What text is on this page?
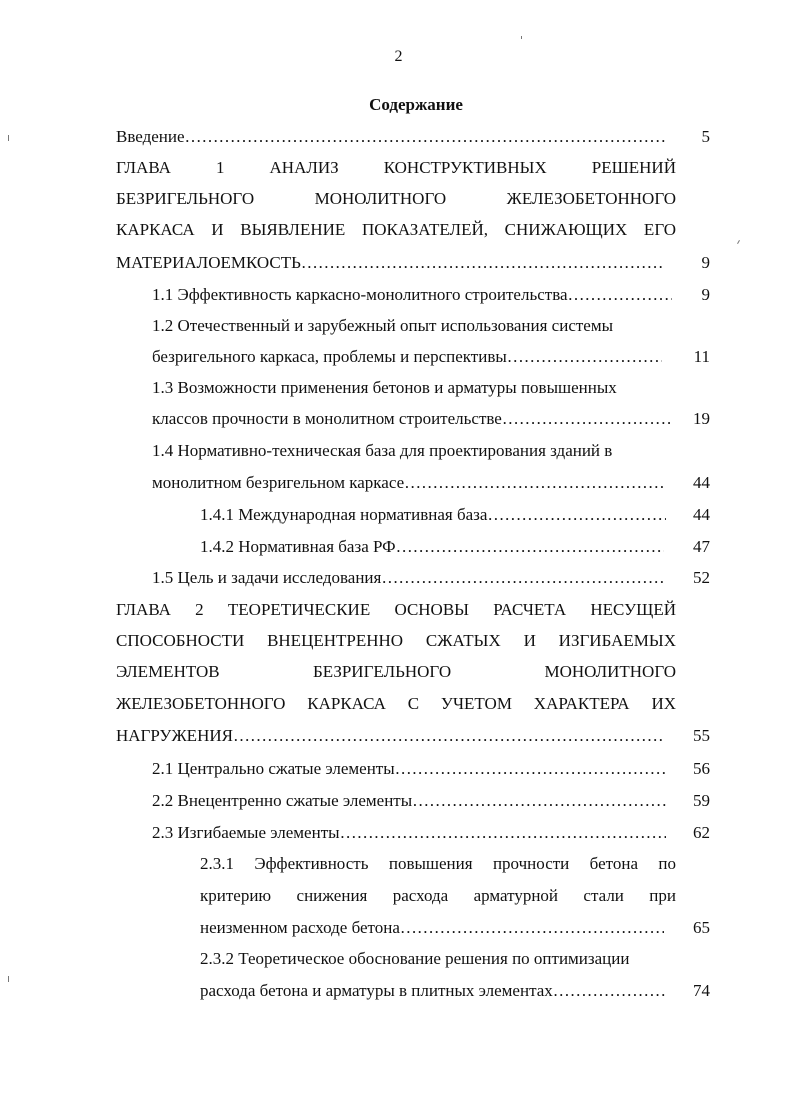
2
Содержание
Введение ……………………………………………………………………………………………………………………………………	5
ГЛАВА 1 АНАЛИЗ КОНСТРУКТИВНЫХ РЕШЕНИЙ
БЕЗРИГЕЛЬНОГО МОНОЛИТНОГО ЖЕЛЕЗОБЕТОННОГО
КАРКАСА И ВЫЯВЛЕНИЕ ПОКАЗАТЕЛЕЙ, СНИЖАЮЩИХ ЕГО
МАТЕРИАЛОЕМКОСТЬ ……………………………………………………………………………………………………………………………………	9
1.1 Эффективность каркасно-монолитного строительства ……………………………………………………………………………………………………………………………………	9
1.2 Отечественный и зарубежный опыт использования системы
безригельного каркаса, проблемы и перспективы ……………………………………………………………………………………………………………………………………	11
1.3 Возможности применения бетонов и арматуры повышенных
классов прочности в монолитном строительстве ……………………………………………………………………………………………………………………………………	19
1.4 Нормативно-техническая база для проектирования зданий в
монолитном безригельном каркасе ……………………………………………………………………………………………………………………………………	44
1.4.1 Международная нормативная база ……………………………………………………………………………………………………………………………………	44
1.4.2 Нормативная база РФ ……………………………………………………………………………………………………………………………………	47
1.5 Цель и задачи исследования ……………………………………………………………………………………………………………………………………	52
ГЛАВА 2 ТЕОРЕТИЧЕСКИЕ ОСНОВЫ РАСЧЕТА НЕСУЩЕЙ
СПОСОБНОСТИ ВНЕЦЕНТРЕННО СЖАТЫХ И ИЗГИБАЕМЫХ
ЭЛЕМЕНТОВ БЕЗРИГЕЛЬНОГО МОНОЛИТНОГО
ЖЕЛЕЗОБЕТОННОГО КАРКАСА С УЧЕТОМ ХАРАКТЕРА ИХ
НАГРУЖЕНИЯ ……………………………………………………………………………………………………………………………………	55
2.1 Центрально сжатые элементы ……………………………………………………………………………………………………………………………………	56
2.2 Внецентренно сжатые элементы ……………………………………………………………………………………………………………………………………	59
2.3 Изгибаемые элементы ……………………………………………………………………………………………………………………………………	62
2.3.1 Эффективность повышения прочности бетона по
критерию снижения расхода арматурной стали при
неизменном расходе бетона ……………………………………………………………………………………………………………………………………	65
2.3.2 Теоретическое обоснование решения по оптимизации
расхода бетона и арматуры в плитных элементах ……………………………………………………………………………………………………………………………………	74
